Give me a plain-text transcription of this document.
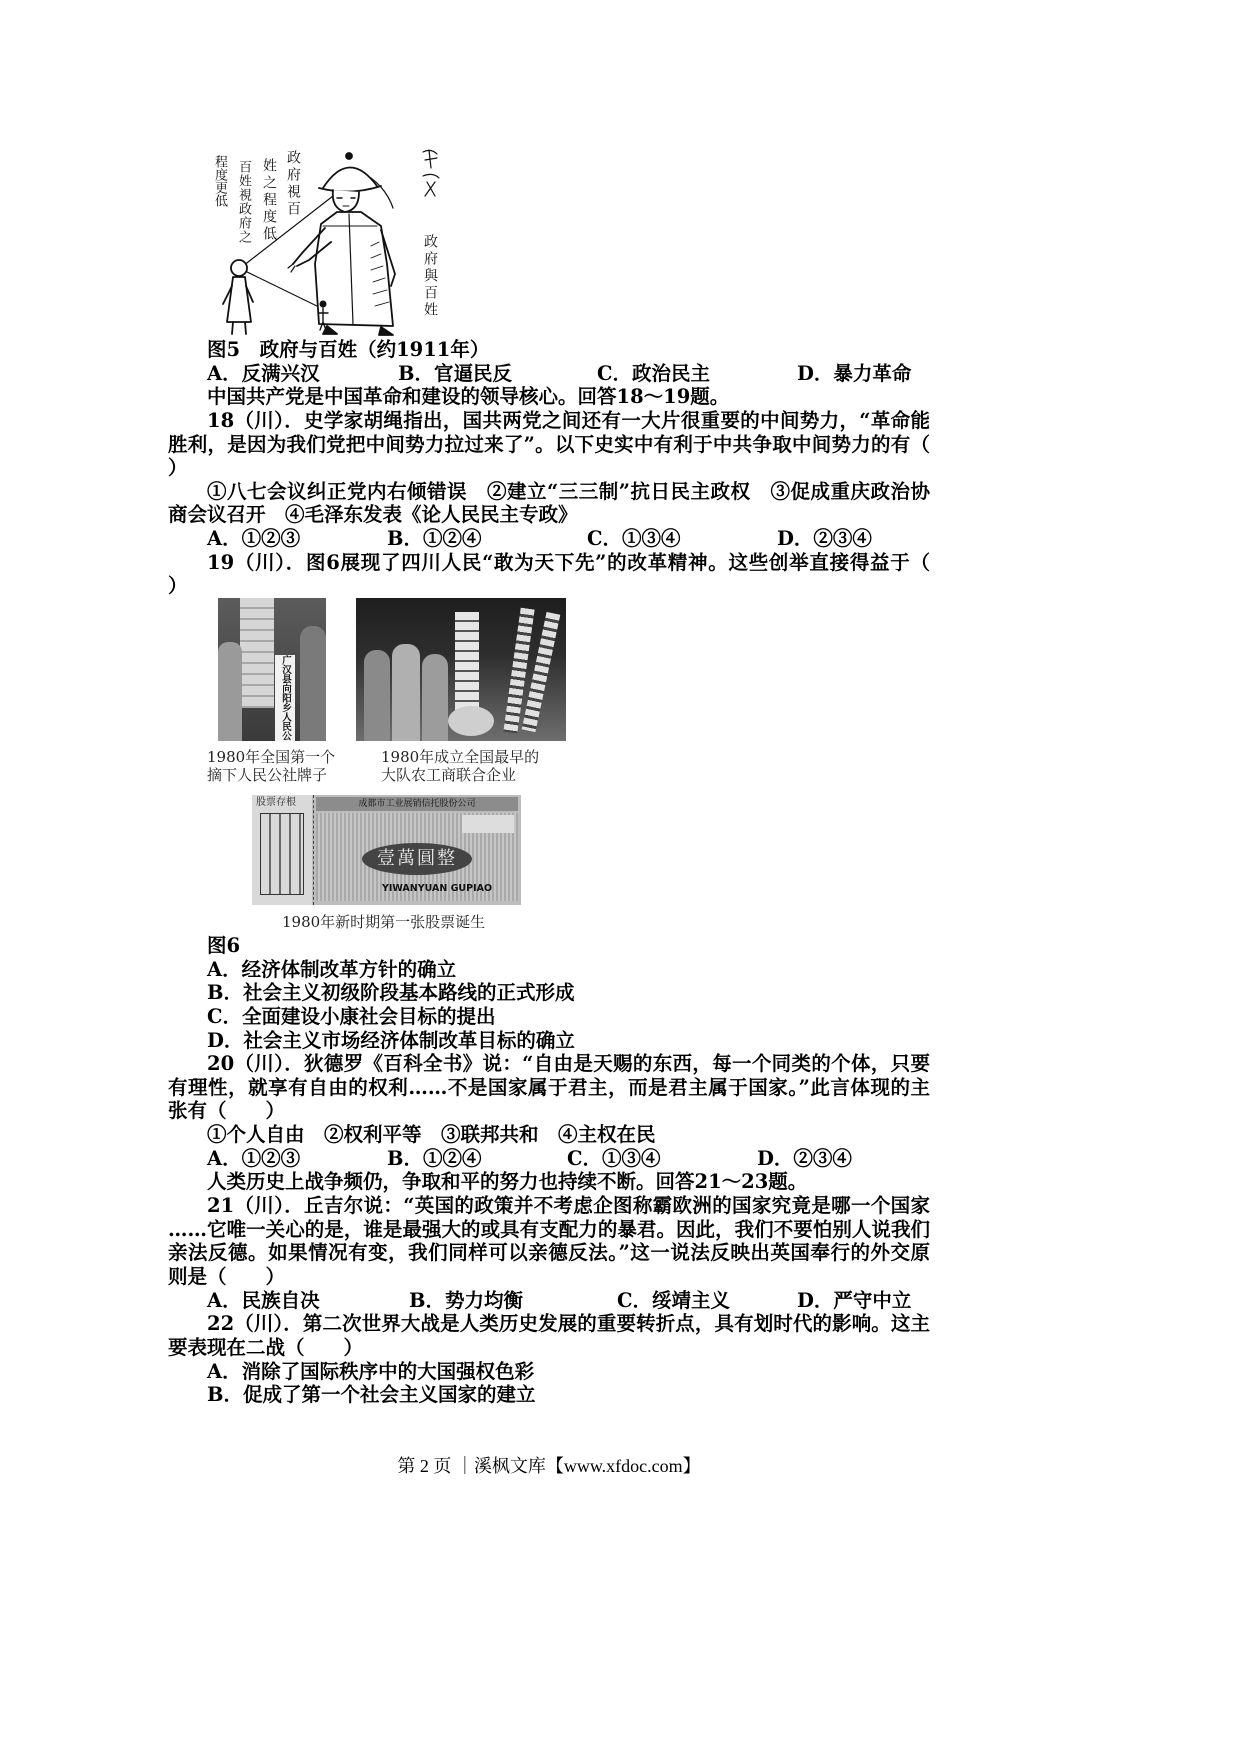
政府視百
姓之程度低
百姓視政府之
程度更低
政府與百姓
图5　政府与百姓（约1911年）
A．反满兴汉	B．官逼民反	C．政治民主	D．暴力革命
中国共产党是中国革命和建设的领导核心。回答18～19题。
18（川）．史学家胡绳指出，国共两党之间还有一大片很重要的中间势力，“革命能
胜利，是因为我们党把中间势力拉过来了”。以下史实中有利于中共争取中间势力的有（
）
①八七会议纠正党内右倾错误　②建立“三三制”抗日民主政权　③促成重庆政治协
商会议召开　④毛泽东发表《论人民民主专政》
A．①②③	B．①②④	C．①③④	D．②③④
19（川）．图6展现了四川人民“敢为天下先”的改革精神。这些创举直接得益于（
）
广汉县向阳乡人民公
1980年全国第一个
摘下人民公社牌子
1980年成立全国最早的
大队农工商联合企业
股票存根	成都市工业展销信托股份公司
壹萬圓整
YIWANYUAN GUPIAO
1980年新时期第一张股票诞生
图6
A．经济体制改革方针的确立
B．社会主义初级阶段基本路线的正式形成
C．全面建设小康社会目标的提出
D．社会主义市场经济体制改革目标的确立
20（川）．狄德罗《百科全书》说：“自由是天赐的东西，每一个同类的个体，只要
有理性，就享有自由的权利……不是国家属于君主，而是君主属于国家。”此言体现的主
张有（　　）
①个人自由　②权利平等　③联邦共和　④主权在民
A．①②③	B．①②④	C．①③④	D．②③④
人类历史上战争频仍，争取和平的努力也持续不断。回答21～23题。
21（川）．丘吉尔说：“英国的政策并不考虑企图称霸欧洲的国家究竟是哪一个国家
……它唯一关心的是，谁是最强大的或具有支配力的暴君。因此，我们不要怕别人说我们
亲法反德。如果情况有变，我们同样可以亲德反法。”这一说法反映出英国奉行的外交原
则是（　　）
A．民族自决	B．势力均衡	C．绥靖主义	D．严守中立
22（川）．第二次世界大战是人类历史发展的重要转折点，具有划时代的影响。这主
要表现在二战（　　）
A．消除了国际秩序中的大国强权色彩
B．促成了第一个社会主义国家的建立
第 2 页 ｜溪枫文库【www.xfdoc.com】
